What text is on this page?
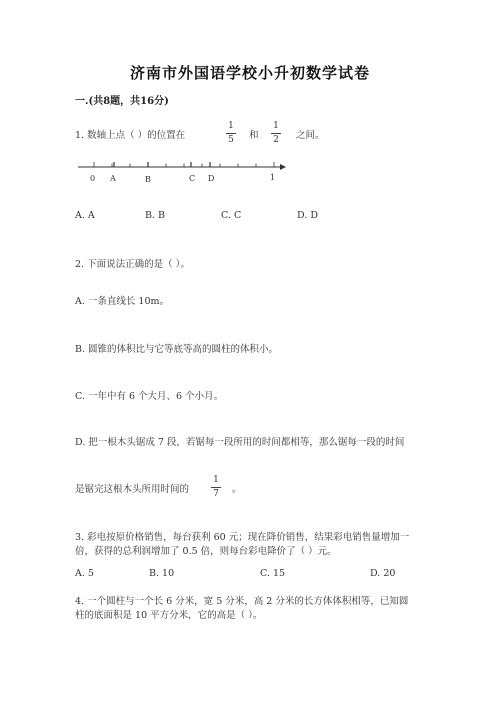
济南市外国语学校小升初数学试卷
一.(共8题，共16分)
1. 数轴上点（ ）的位置在
1
5	和
1
2	之间。
0 A	B	C D	1
A. A	B. B	C. C	D. D
2. 下面说法正确的是（ ）。
A. 一条直线长 10m。
B. 圆锥的体积比与它等底等高的圆柱的体积小。
C. 一年中有 6 个大月、6 个小月。
D. 把一根木头锯成 7 段，若锯每一段所用的时间都相等，那么锯每一段的时间
是锯完这根木头所用时间的
1
7	。
3. 彩电按原价格销售，每台获利 60 元；现在降价销售，结果彩电销售量增加一
倍，获得的总利润增加了 0.5 倍，则每台彩电降价了（ ）元。
A. 5	B. 10	C. 15	D. 20
4. 一个圆柱与一个长 6 分米，宽 5 分米，高 2 分米的长方体体积相等，已知圆
柱的底面积是 10 平方分米，它的高是（ ）。
